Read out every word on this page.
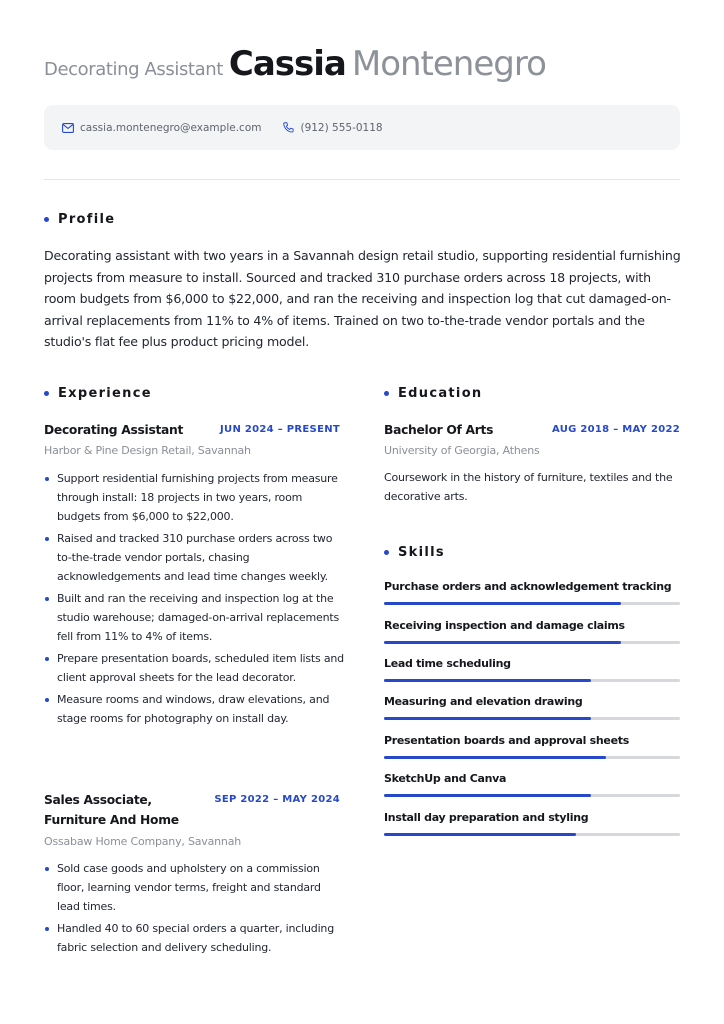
Decorating Assistant Cassia Montenegro
cassia.montenegro@example.com	(912) 555-0118
Profile

Decorating assistant with two years in a Savannah design retail studio, supporting residential furnishing projects from measure to install. Sourced and tracked 310 purchase orders across 18 projects, with room budgets from $6,000 to $22,000, and ran the receiving and inspection log that cut damaged-on-arrival replacements from 11% to 4% of items. Trained on two to-the-trade vendor portals and the studio's flat fee plus product pricing model.

Experience
Decorating Assistant	JUN 2024 – PRESENT
Harbor & Pine Design Retail, Savannah
Support residential furnishing projects from measure through install: 18 projects in two years, room budgets from $6,000 to $22,000.
Raised and tracked 310 purchase orders across two to-the-trade vendor portals, chasing acknowledgements and lead time changes weekly.
Built and ran the receiving and inspection log at the studio warehouse; damaged-on-arrival replacements fell from 11% to 4% of items.
Prepare presentation boards, scheduled item lists and client approval sheets for the lead decorator.
Measure rooms and windows, draw elevations, and stage rooms for photography on install day.
Sales Associate, Furniture And Home
SEP 2022 – MAY 2024
Ossabaw Home Company, Savannah
Sold case goods and upholstery on a commission floor, learning vendor terms, freight and standard lead times.
Handled 40 to 60 special orders a quarter, including fabric selection and delivery scheduling.
Education
Bachelor Of Arts	AUG 2018 – MAY 2022
University of Georgia, Athens

Coursework in the history of furniture, textiles and the decorative arts.

Skills
Purchase orders and acknowledgement tracking
Receiving inspection and damage claims
Lead time scheduling
Measuring and elevation drawing
Presentation boards and approval sheets
SketchUp and Canva
Install day preparation and styling
